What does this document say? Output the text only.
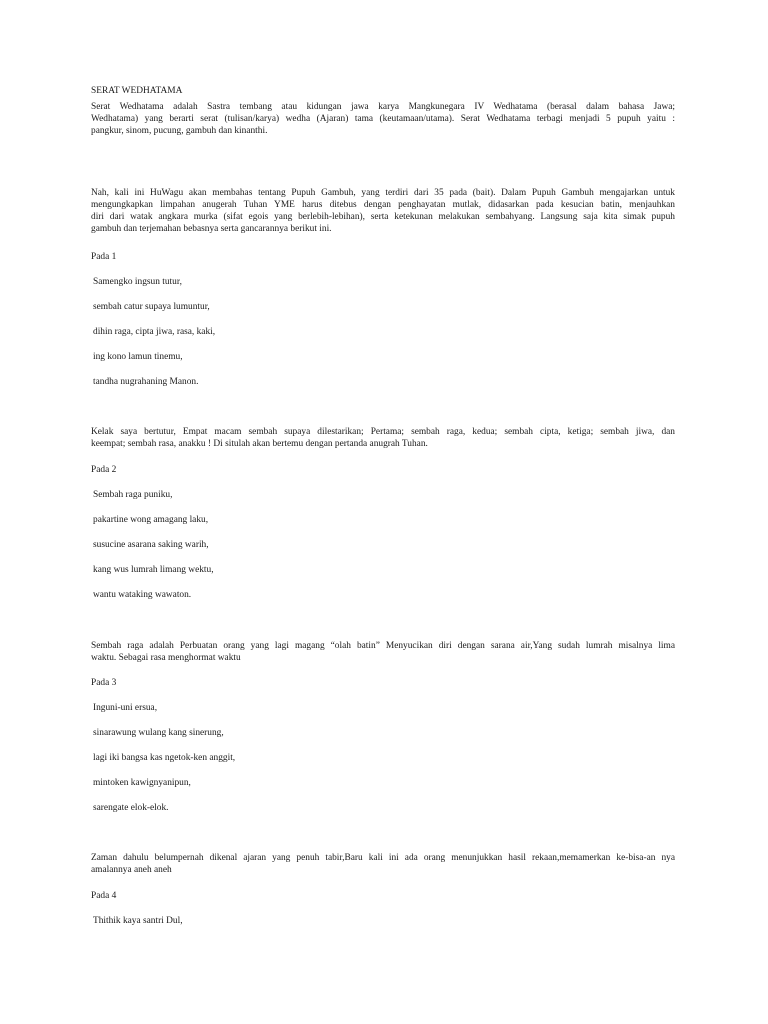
SERAT WEDHATAMA
Serat Wedhatama adalah Sastra tembang atau kidungan jawa karya Mangkunegara IV Wedhatama (berasal dalam bahasa Jawa;
Wedhatama) yang berarti serat (tulisan/karya) wedha (Ajaran) tama (keutamaan/utama). Serat Wedhatama terbagi menjadi 5 pupuh yaitu :
pangkur, sinom, pucung, gambuh dan kinanthi.
Nah, kali ini HuWagu akan membahas tentang Pupuh Gambuh, yang terdiri dari 35 pada (bait). Dalam Pupuh Gambuh mengajarkan untuk
mengungkapkan limpahan anugerah Tuhan YME harus ditebus dengan penghayatan mutlak, didasarkan pada kesucian batin, menjauhkan
diri dari watak angkara murka (sifat egois yang berlebih-lebihan), serta ketekunan melakukan sembahyang. Langsung saja kita simak pupuh
gambuh dan terjemahan bebasnya serta gancarannya berikut ini.
Pada 1
Samengko ingsun tutur,
sembah catur supaya lumuntur,
dihin raga, cipta jiwa, rasa, kaki,
ing kono lamun tinemu,
tandha nugrahaning Manon.
Kelak saya bertutur, Empat macam sembah supaya dilestarikan; Pertama; sembah raga, kedua; sembah cipta, ketiga; sembah jiwa, dan
keempat; sembah rasa, anakku ! Di situlah akan bertemu dengan pertanda anugrah Tuhan.
Pada 2
Sembah raga puniku,
pakartine wong amagang laku,
susucine asarana saking warih,
kang wus lumrah limang wektu,
wantu wataking wawaton.
Sembah raga adalah Perbuatan orang yang lagi magang “olah batin” Menyucikan diri dengan sarana air,Yang sudah lumrah misalnya lima
waktu. Sebagai rasa menghormat waktu
Pada 3
Inguni-uni ersua,
sinarawung wulang kang sinerung,
lagi iki bangsa kas ngetok-ken anggit,
mintoken kawignyanipun,
sarengate elok-elok.
Zaman dahulu belumpernah dikenal ajaran yang penuh tabir,Baru kali ini ada orang menunjukkan hasil rekaan,memamerkan ke-bisa-an nya
amalannya aneh aneh
Pada 4
Thithik kaya santri Dul,
